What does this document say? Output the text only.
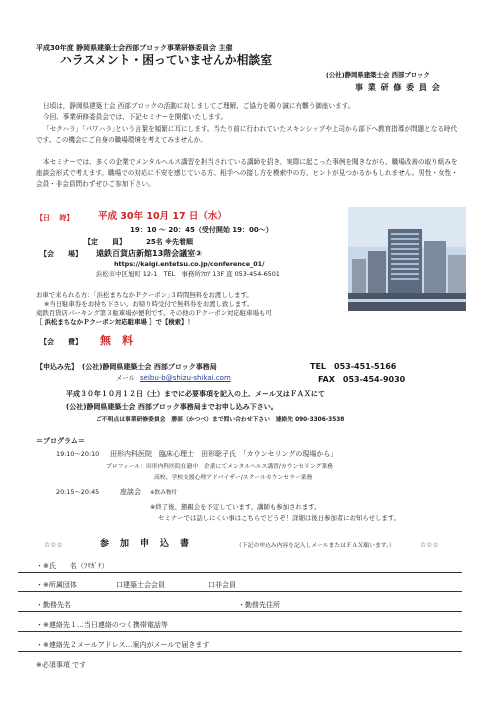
平成30年度 静岡県建築士会西部ブロック事業研修委員会 主催
ハラスメント・困っていませんか相談室
(公社)静岡県建築士会 西部ブロック
事 業 研 修 委 員 会
日頃は，静岡県建築士会 西部ブロックの活動に対しましてご理解、ご協力を賜り誠に有難う御座います。
今回、事業研修委員会では、下記セミナーを開催いたします。
「セクハラ」｢パワハラ｣という言葉を頻繁に耳にします。当たり前に行われていたスキンシップや上司から部下へ教育指導が問題となる時代です。この機会にご自身の職場環境を考えてみませんか。
本セミナーでは、多くの企業でメンタルヘルス講習を担当されている講師を招き、実際に起こった事例を聞きながら、職場改善の取り組みを座談会形式で考えます。職場での対応に不安を感じている方、相手への接し方を模索中の方、ヒントが見つかるかもしれません。男性・女性・会員・非会員問わずぜひご参加下さい。
【日　 時】	平成 30年 10月 17 日（水）
19：10 〜 20：45（受付開始 19：00〜）
【定　　員】	25名 ※先着順
【会　　場】 遠鉄百貨店新館13階会議室③
https://kaigi.entetsu.co.jp/conference_01/
浜松市中区旭町 12-1　TEL　事務所ﾌﾛｱ 13F 直 053-454-6501
お車で来られる方：｢浜松まちなかＰクーポン｣３時間無料をお渡しします。
※当日駐車券をお持ち下さい。お帰り時受付で無料券をお渡し致します。
遠鉄百貨店パーキング第３駐車場が便利です。その他のＰクーポン対応駐車場も可
［ 浜松まちなかＰクーポン対応駐車場 ］で【検索】！
【会　　費】 無　料
【申込み先】 (公社)静岡県建築士会 西部ブロック事務局	TEL　053-451-5166
メール seibu-b@shizu-shikai.com	FAX　053-454-9030
平成３０年１０月１２日（土）までに必要事項を記入の上、メール又はＦＡＸにて
(公社)静岡県建築士会 西部ブロック事務局までお申し込み下さい。
ご不明点は事業研修委員会　勝部（かつべ）まで問い合わせ下さい　連絡先 090-3306-3538
＝プログラム＝
19:10〜20:10 田形内科医院　臨床心理士　田形聡子氏　「カウンセリングの現場から」
プロフィール：田形内科医院在籍中　企業にてメンタルヘルス講習/カウンセリング業務
高校、学校支援心理アドバイザー/スクールカウンセラー業務
20:15〜20:45	座談会 ※飲み物付
※終了後、懇親会を予定しています。講師も参加されます。
セミナーでは話しにくい事はこちらでどうぞ！詳細は後日参加者にお知らせします。
☆☆☆	参　加　申　込　書	（下記の申込み内容を記入しメールまたはＦＡＸ願います。）	☆☆☆
・※氏　　名（ﾌﾘｶﾞﾅ）
・※所属団体	口建築士会会員	口非会員
・勤務先名	・勤務先住所
・※連絡先１…当日連絡のつく携帯電話等
・※連絡先２メールアドレス…案内がメールで届きます
※必須事項 です
